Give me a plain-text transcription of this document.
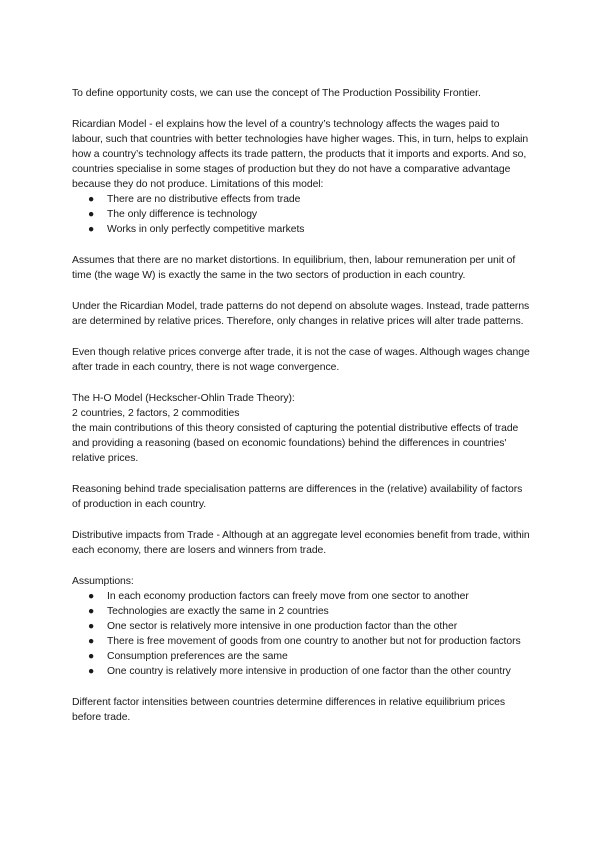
To define opportunity costs, we can use the concept of The Production Possibility Frontier.

Ricardian Model - el explains how the level of a country’s technology affects the wages paid to labour, such that countries with better technologies have higher wages. This, in turn, helps to explain how a country’s technology affects its trade pattern, the products that it imports and exports. And so, countries specialise in some stages of production but they do not have a comparative advantage because they do not produce. Limitations of this model:

● There are no distributive effects from trade
● The only difference is technology
● Works in only perfectly competitive markets

Assumes that there are no market distortions. In equilibrium, then, labour remuneration per unit of time (the wage W) is exactly the same in the two sectors of production in each country.

Under the Ricardian Model, trade patterns do not depend on absolute wages. Instead, trade patterns are determined by relative prices. Therefore, only changes in relative prices will alter trade patterns.

Even though relative prices converge after trade, it is not the case of wages. Although wages change after trade in each country, there is not wage convergence.

The H-O Model (Heckscher-Ohlin Trade Theory):

2 countries, 2 factors, 2 commodities

the main contributions of this theory consisted of capturing the potential distributive effects of trade and providing a reasoning (based on economic foundations) behind the differences in countries' relative prices.

Reasoning behind trade specialisation patterns are differences in the (relative) availability of factors of production in each country.

Distributive impacts from Trade - Although at an aggregate level economies benefit from trade, within each economy, there are losers and winners from trade.

Assumptions:

● In each economy production factors can freely move from one sector to another
● Technologies are exactly the same in 2 countries
● One sector is relatively more intensive in one production factor than the other
● There is free movement of goods from one country to another but not for production factors
● Consumption preferences are the same
● One country is relatively more intensive in production of one factor than the other country

Different factor intensities between countries determine differences in relative equilibrium prices before trade.
